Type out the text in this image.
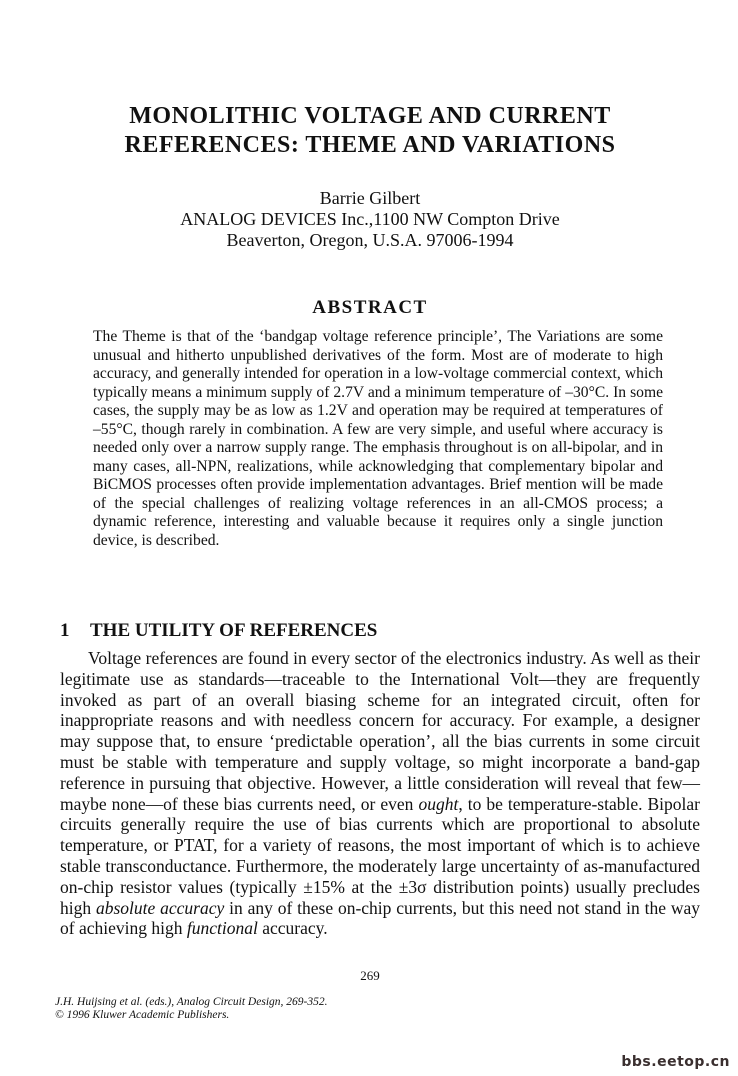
MONOLITHIC VOLTAGE AND CURRENT
REFERENCES: THEME AND VARIATIONS
Barrie Gilbert
ANALOG DEVICES Inc.,1100 NW Compton Drive
Beaverton, Oregon, U.S.A. 97006-1994
ABSTRACT
The Theme is that of the ‘bandgap voltage reference principle’, The Variations are some unusual and hitherto unpublished derivatives of the form. Most are of moderate to high accuracy, and generally intended for operation in a low-voltage commercial context, which typically means a minimum supply of 2.7V and a minimum temperature of –30°C. In some cases, the supply may be as low as 1.2V and operation may be required at temperatures of –55°C, though rarely in combination. A few are very simple, and useful where accuracy is needed only over a narrow supply range. The emphasis throughout is on all-bipolar, and in many cases, all-NPN, realizations, while acknowledging that complementary bipolar and BiCMOS processes often provide implementation advantages. Brief mention will be made of the special challenges of realizing voltage references in an all-CMOS process; a dynamic reference, interesting and valuable because it requires only a single junction device, is described.
1 THE UTILITY OF REFERENCES

Voltage references are found in every sector of the electronics industry. As well as their legitimate use as standards—traceable to the International Volt—they are frequently invoked as part of an overall biasing scheme for an integrated circuit, often for inappropriate reasons and with needless concern for accuracy. For example, a designer may suppose that, to ensure ‘predictable operation’, all the bias currents in some circuit must be stable with temperature and supply voltage, so might incorporate a band-gap reference in pursuing that objective. However, a little consideration will reveal that few—maybe none—of these bias currents need, or even ought, to be temperature-stable. Bipolar circuits generally require the use of bias currents which are proportional to absolute temperature, or PTAT, for a variety of reasons, the most important of which is to achieve stable transconductance. Furthermore, the moderately large uncertainty of as-manufactured on-chip resistor values (typically ±15% at the ±3σ distribution points) usually precludes high absolute accuracy in any of these on-chip currents, but this need not stand in the way of achieving high functional accuracy.

269
J.H. Huijsing et al. (eds.), Analog Circuit Design, 269-352.
© 1996 Kluwer Academic Publishers.
bbs.eetop.cn
